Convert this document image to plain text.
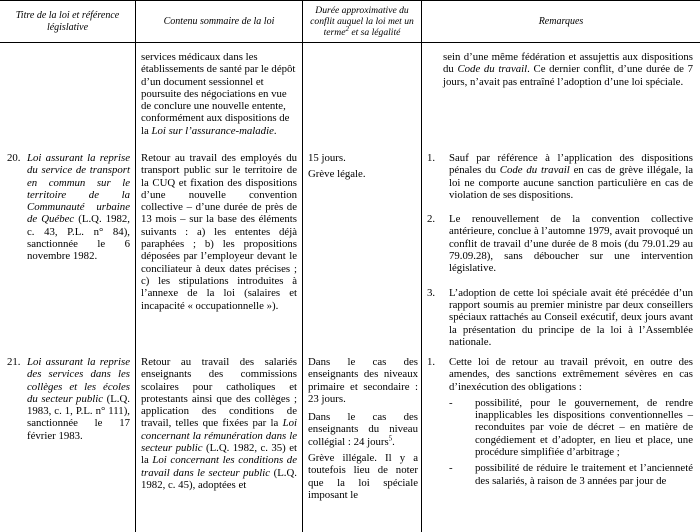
Titre de la loi et référence législative
Contenu sommaire de la loi
Durée approximative du conflit auquel la loi met un terme$^2$ et sa légalité
Remarques
services médicaux dans les établissements de santé par le dépôt d’un document sessionnel et poursuite des négociations en vue de conclure une nouvelle entente, conformément aux dispositions de la Loi sur l’assurance-maladie.
sein d’une même fédération et assujettis aux dispositions du Code du travail. Ce dernier conflit, d’une durée de 7 jours, n’avait pas entraîné l’adoption d’une loi spéciale.
20. Loi assurant la reprise du service de transport en commun sur le territoire de la Communauté urbaine de Québec (L.Q. 1982, c. 43, P.L. n° 84), sanctionnée le 6 novembre 1982.
Retour au travail des employés du transport public sur le territoire de la CUQ et fixation des dispositions d’une nouvelle convention collective – d’une durée de près de 13 mois – sur la base des éléments suivants : a) les ententes déjà paraphées ; b) les propositions déposées par l’employeur devant le conciliateur à deux dates précises ; c) les stipulations introduites à l’annexe de la loi (salaires et incapacité « occupationnelle »).

15 jours.

Grève légale.

1. Sauf par référence à l’application des dispositions pénales du Code du travail en cas de grève illégale, la loi ne comporte aucune sanction particulière en cas de violation de ses dispositions.
2. Le renouvellement de la convention collective antérieure, conclue à l’automne 1979, avait provoqué un conflit de travail d’une durée de 8 mois (du 79.01.29 au 79.09.28), sans déboucher sur une intervention législative.
3. L’adoption de cette loi spéciale avait été précédée d’un rapport soumis au premier ministre par deux conseillers spéciaux rattachés au Conseil exécutif, deux jours avant la présentation du principe de la loi à l’Assemblée nationale.
21. Loi assurant la reprise des services dans les collèges et les écoles du secteur public (L.Q. 1983, c. 1, P.L. n° 111), sanctionnée le 17 février 1983.
Retour au travail des salariés enseignants des commissions scolaires pour catholiques et protestants ainsi que des collèges ; application des conditions de travail, telles que fixées par la Loi concernant la rémunération dans le secteur public (L.Q. 1982, c. 35) et la Loi concernant les conditions de travail dans le secteur public (L.Q. 1982, c. 45), adoptées et

Dans le cas des enseignants des niveaux primaire et secondaire : 23 jours.

Dans le cas des enseignants du niveau collégial : 24 jours$^5$.

Grève illégale. Il y a toutefois lieu de noter que la loi spéciale imposant le

1. Cette loi de retour au travail prévoit, en outre des amendes, des sanctions extrêmement sévères en cas d’inexécution des obligations :
- possibilité, pour le gouvernement, de rendre inapplicables les dispositions conventionnelles – reconduites par voie de décret – en matière de congédiement et d’adopter, en lieu et place, une procédure simplifiée d’arbitrage ;
- possibilité de réduire le traitement et l’ancienneté des salariés, à raison de 3 années par jour de
